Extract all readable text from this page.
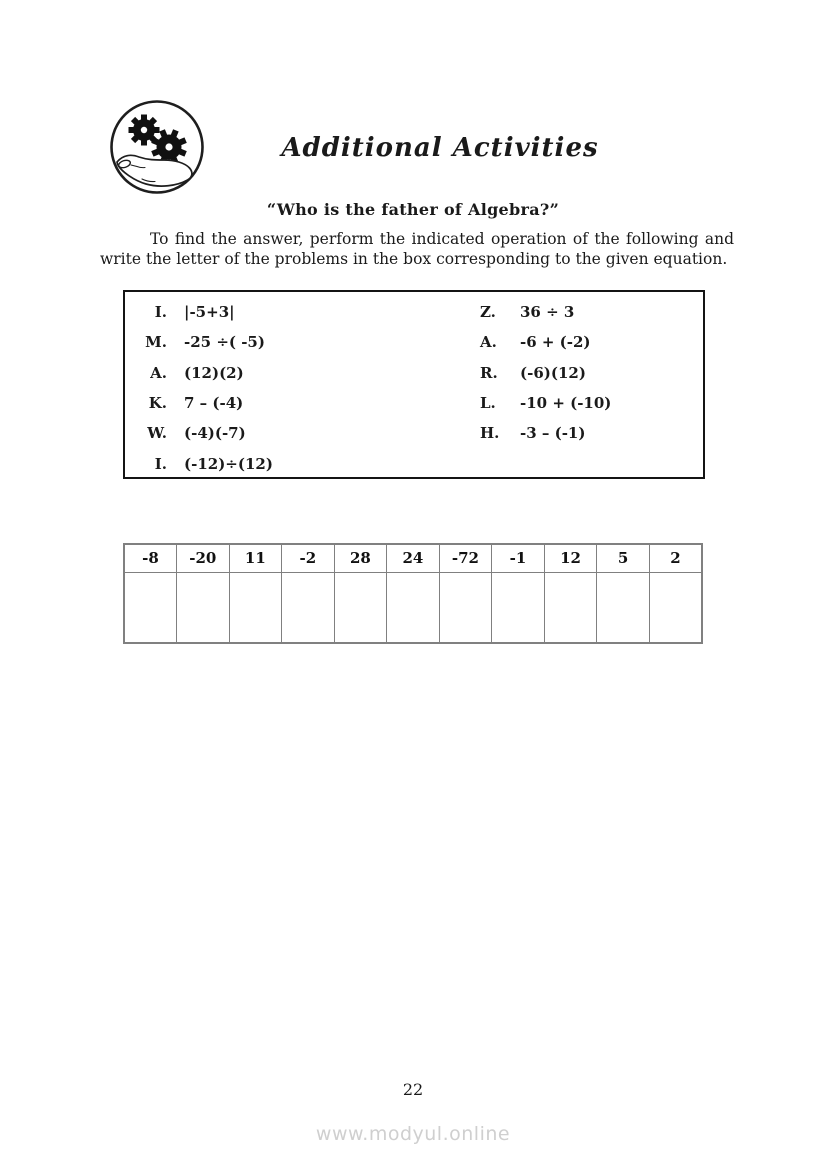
Additional Activities
“Who is the father of Algebra?”

To find the answer, perform the indicated operation of the following and write the letter of the problems in the box corresponding to the given equation.

I. |-5+3|
M. -25 ÷( -5)
A. (12)(2)
K. 7 – (-4)
W. (-4)(-7)
I. (-12)÷(12)
Z.	36 ÷ 3
A.	-6 + (-2)
R.	(-6)(12)
L.	-10 + (-10)
H.	-3 – (-1)
-8	-20	11	-2	28	24	-72	-1	12	5	2

22
www.modyul.online
